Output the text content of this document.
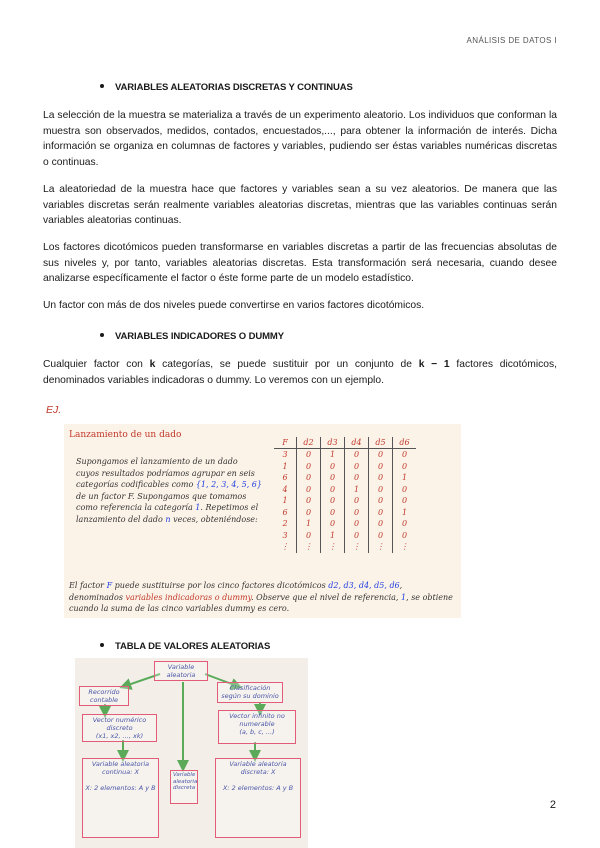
ANÁLISIS DE DATOS I
VARIABLES ALEATORIAS DISCRETAS Y CONTINUAS
La selección de la muestra se materializa a través de un experimento aleatorio. Los individuos que conforman la muestra son observados, medidos, contados, encuestados,..., para obtener la información de interés. Dicha información se organiza en columnas de factores y variables, pudiendo ser éstas variables numéricas discretas o continuas.
La aleatoriedad de la muestra hace que factores y variables sean a su vez aleatorios. De manera que las variables discretas serán realmente variables aleatorias discretas, mientras que las variables continuas serán variables aleatorias continuas.
Los factores dicotómicos pueden transformarse en variables discretas a partir de las frecuencias absolutas de sus niveles y, por tanto, variables aleatorias discretas. Esta transformación será necesaria, cuando desee analizarse específicamente el factor o éste forme parte de un modelo estadístico.
Un factor con más de dos niveles puede convertirse en varios factores dicotómicos.
VARIABLES INDICADORES O DUMMY
Cualquier factor con k categorías, se puede sustituir por un conjunto de k − 1 factores dicotómicos, denominados variables indicadoras o dummy. Lo veremos con un ejemplo.
EJ.
Lanzamiento de un dado
Supongamos el lanzamiento de un dado cuyos resultados podríamos agrupar en seis categorías codificables como {1, 2, 3, 4, 5, 6} de un factor F. Supongamos que tomamos como referencia la categoría 1. Repetimos el lanzamiento del dado n veces, obteniéndose:
F	d2	d3	d4	d5	d6
3	0	1	0	0	0
1	0	0	0	0	0
6	0	0	0	0	1
4	0	0	1	0	0
1	0	0	0	0	0
6	0	0	0	0	1
2	1	0	0	0	0
3	0	1	0	0	0
⋮	⋮	⋮	⋮	⋮	⋮
El factor F puede sustituirse por los cinco factores dicotómicos d2, d3, d4, d5, d6, denominados variables indicadoras o dummy. Observe que el nivel de referencia, 1, se obtiene cuando la suma de las cinco variables dummy es cero.
TABLA DE VALORES ALEATORIAS
Variable aleatoria
Recorrido contable
Clasificación según su dominio
Vector numérico discreto
(x1, x2, ..., xk)
Vector infinito no numerable
(a, b, c, ...)
Variable aleatoria continua: X

X: 2 elementos: A y B
Variable aleatoria discreta
Variable aleatoria discreta: X

X: 2 elementos: A y B
2
